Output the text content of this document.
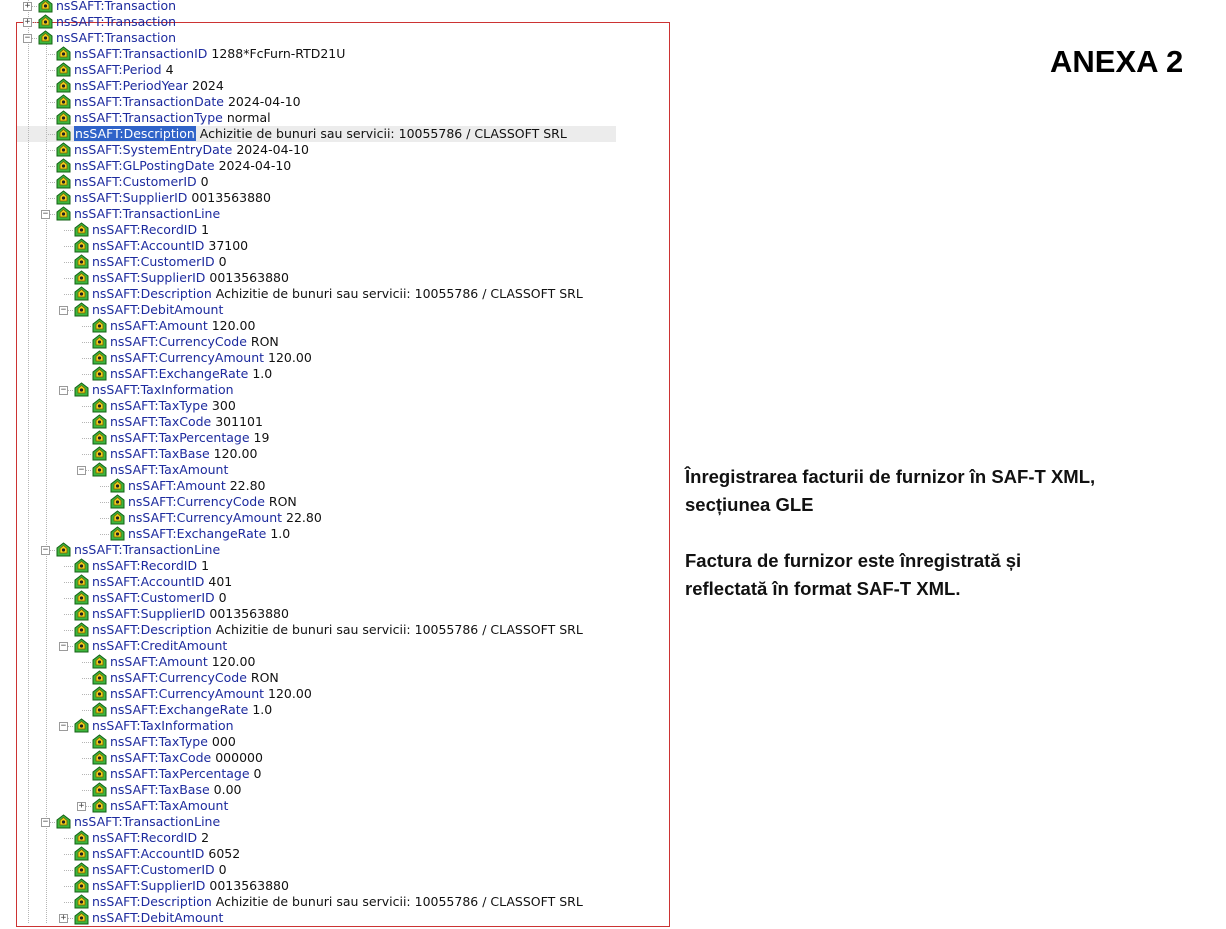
+ nsSAFT:Transaction
+ nsSAFT:Transaction
− nsSAFT:Transaction
nsSAFT:TransactionID 1288*FcFurn-RTD21U
nsSAFT:Period 4
nsSAFT:PeriodYear 2024
nsSAFT:TransactionDate 2024-04-10
nsSAFT:TransactionType normal
nsSAFT:Description Achizitie de bunuri sau servicii: 10055786 / CLASSOFT SRL
nsSAFT:SystemEntryDate 2024-04-10
nsSAFT:GLPostingDate 2024-04-10
nsSAFT:CustomerID 0
nsSAFT:SupplierID 0013563880
− nsSAFT:TransactionLine
nsSAFT:RecordID 1
nsSAFT:AccountID 37100
nsSAFT:CustomerID 0
nsSAFT:SupplierID 0013563880
nsSAFT:Description Achizitie de bunuri sau servicii: 10055786 / CLASSOFT SRL
− nsSAFT:DebitAmount
nsSAFT:Amount 120.00
nsSAFT:CurrencyCode RON
nsSAFT:CurrencyAmount 120.00
nsSAFT:ExchangeRate 1.0
− nsSAFT:TaxInformation
nsSAFT:TaxType 300
nsSAFT:TaxCode 301101
nsSAFT:TaxPercentage 19
nsSAFT:TaxBase 120.00
− nsSAFT:TaxAmount
nsSAFT:Amount 22.80
nsSAFT:CurrencyCode RON
nsSAFT:CurrencyAmount 22.80
nsSAFT:ExchangeRate 1.0
− nsSAFT:TransactionLine
nsSAFT:RecordID 1
nsSAFT:AccountID 401
nsSAFT:CustomerID 0
nsSAFT:SupplierID 0013563880
nsSAFT:Description Achizitie de bunuri sau servicii: 10055786 / CLASSOFT SRL
− nsSAFT:CreditAmount
nsSAFT:Amount 120.00
nsSAFT:CurrencyCode RON
nsSAFT:CurrencyAmount 120.00
nsSAFT:ExchangeRate 1.0
− nsSAFT:TaxInformation
nsSAFT:TaxType 000
nsSAFT:TaxCode 000000
nsSAFT:TaxPercentage 0
nsSAFT:TaxBase 0.00
+ nsSAFT:TaxAmount
− nsSAFT:TransactionLine
nsSAFT:RecordID 2
nsSAFT:AccountID 6052
nsSAFT:CustomerID 0
nsSAFT:SupplierID 0013563880
nsSAFT:Description Achizitie de bunuri sau servicii: 10055786 / CLASSOFT SRL
+ nsSAFT:DebitAmount
ANEXA 2

Înregistrarea facturii de furnizor în SAF-T XML,
secțiunea GLE

Factura de furnizor este înregistrată și
reflectată în format SAF-T XML.
